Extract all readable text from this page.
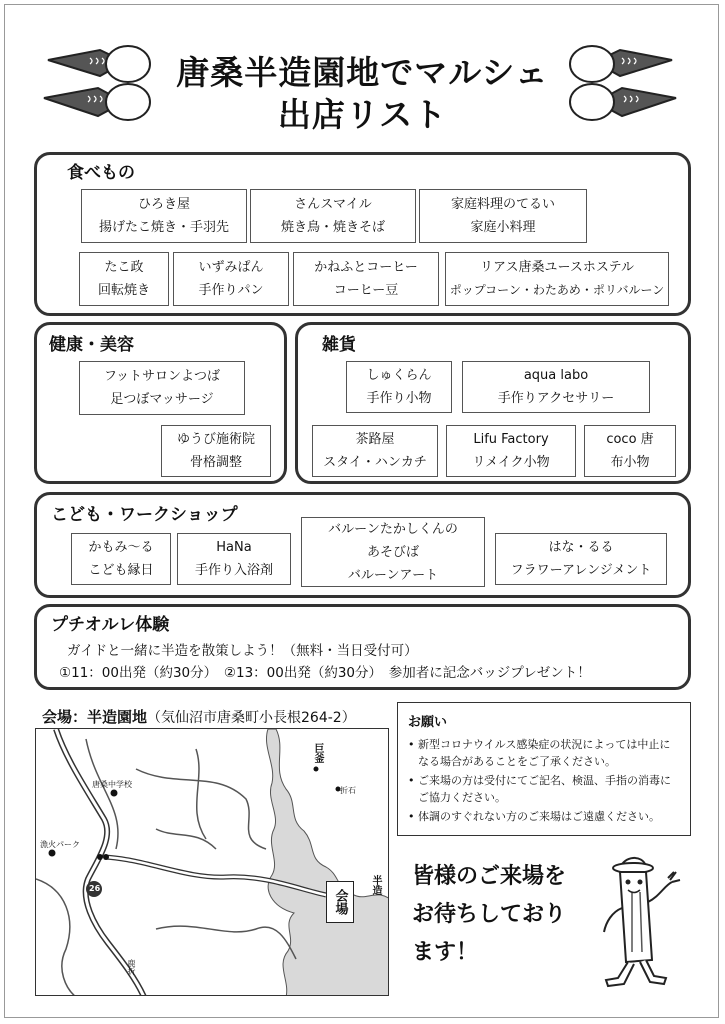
唐桑半造園地でマルシェ
出店リスト
食べもの
ひろき屋
揚げたこ焼き・手羽先
さんスマイル
焼き鳥・焼きそば
家庭料理のてるい
家庭小料理
たこ政
回転焼き
いずみぱん
手作りパン
かねふとコーヒー
コーヒー豆
リアス唐桑ユースホステル
ポップコーン・わたあめ・ポリバルーン
健康・美容
フットサロンよつば
足つぼマッサージ
ゆうび施術院
骨格調整
雑貨
しゅくらん
手作り小物
aqua labo
手作りアクセサリー
茶路屋
スタイ・ハンカチ
Lifu Factory
リメイク小物
coco 唐
布小物
こども・ワークショップ
かもみ〜る
こども縁日
HaNa
手作り入浴剤
バルーンたかしくんの
あそびば
バルーンアート
はな・るる
フラワーアレンジメント
プチオルレ体験
ガイドと一緒に半造を散策しよう！（無料・当日受付可）
①11：00出発（約30分）　②13：00出発（約30分）　参加者に記念バッジプレゼント！
会場：半造園地（気仙沼市唐桑町小長根264-2）
唐桑中学校
漁火パーク
26
折石
巨釜
半造
鹿折
会場
お願い
• 新型コロナウイルス感染症の状況によっては中止になる場合があることをご了承ください。
• ご来場の方は受付にてご記名、検温、手指の消毒にご協力ください。
• 体調のすぐれない方のご来場はご遠慮ください。
皆様のご来場を
お待ちしており
ます！
